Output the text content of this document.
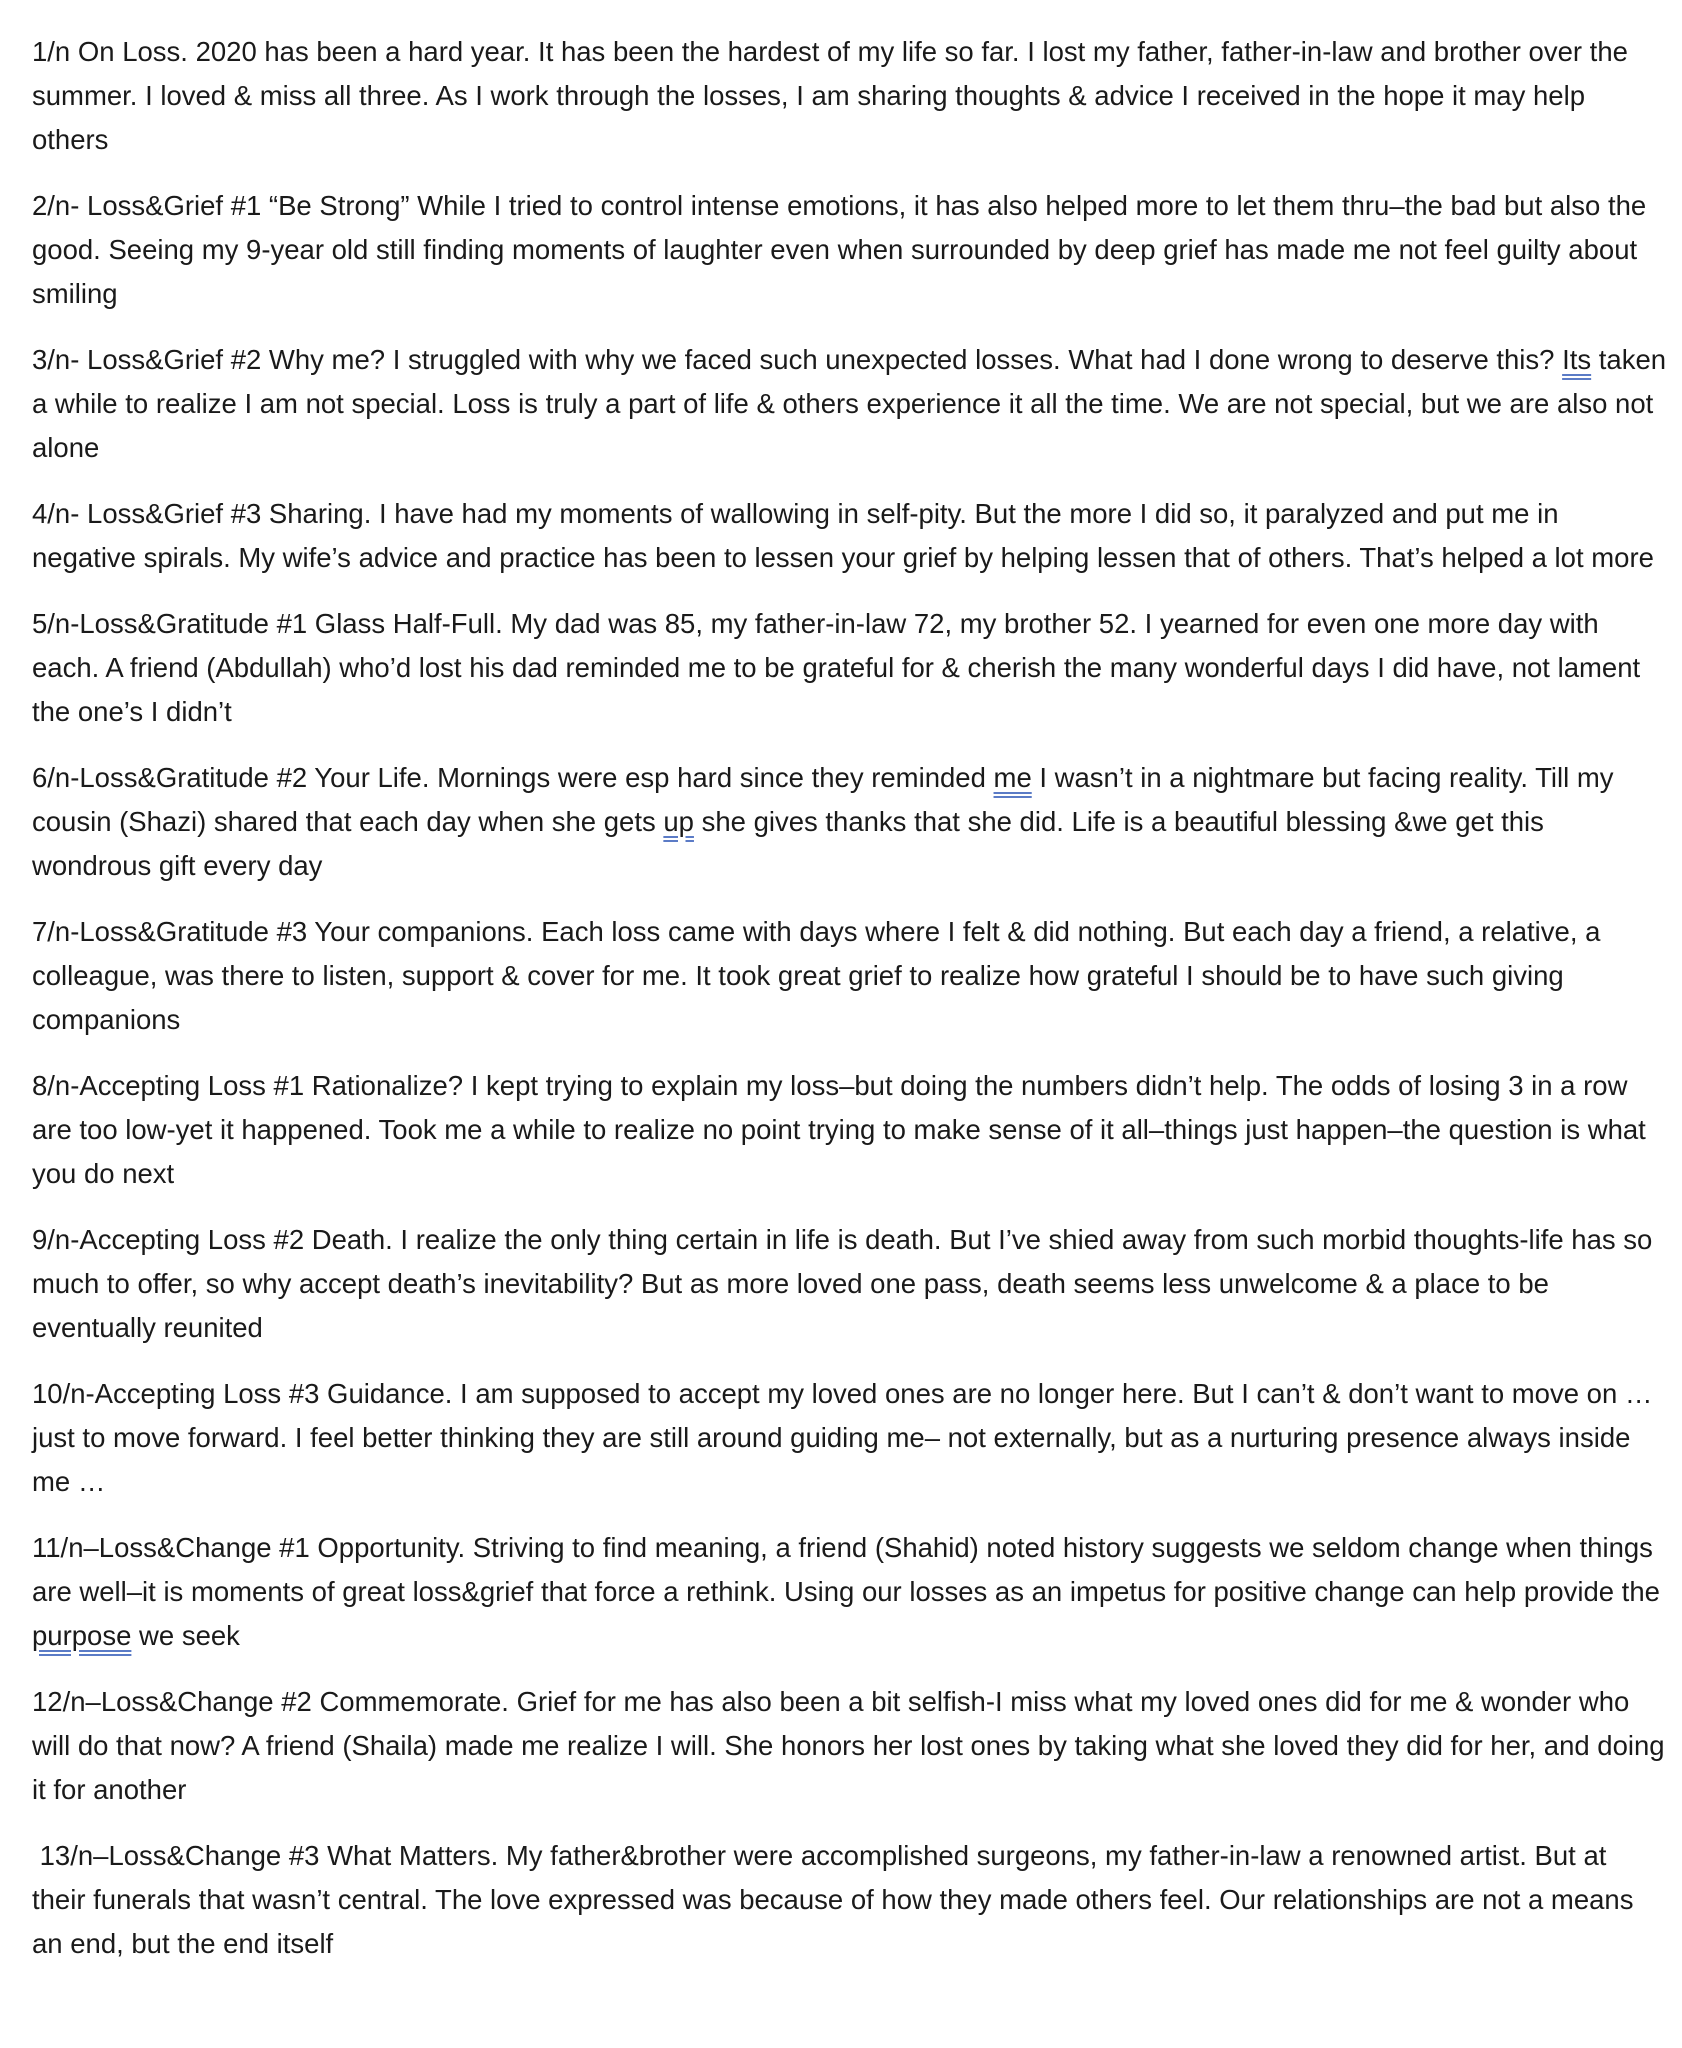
1/n On Loss. 2020 has been a hard year. It has been the hardest of my life so far. I lost my father, father-in-law and brother over the summer. I loved & miss all three. As I work through the losses, I am sharing thoughts & advice I received in the hope it may help others

2/n- Loss&Grief #1 “Be Strong” While I tried to control intense emotions, it has also helped more to let them thru–the bad but also the good. Seeing my 9-year old still finding moments of laughter even when surrounded by deep grief has made me not feel guilty about smiling

3/n- Loss&Grief #2 Why me? I struggled with why we faced such unexpected losses. What had I done wrong to deserve this? Its taken a while to realize I am not special. Loss is truly a part of life & others experience it all the time. We are not special, but we are also not alone

4/n- Loss&Grief #3 Sharing. I have had my moments of wallowing in self-pity. But the more I did so, it paralyzed and put me in negative spirals. My wife’s advice and practice has been to lessen your grief by helping lessen that of others. That’s helped a lot more

5/n-Loss&Gratitude #1 Glass Half-Full. My dad was 85, my father-in-law 72, my brother 52. I yearned for even one more day with each. A friend (Abdullah) who’d lost his dad reminded me to be grateful for & cherish the many wonderful days I did have, not lament the one’s I didn’t

6/n-Loss&Gratitude #2 Your Life. Mornings were esp hard since they reminded me I wasn’t in a nightmare but facing reality. Till my cousin (Shazi) shared that each day when she gets up she gives thanks that she did. Life is a beautiful blessing &we get this wondrous gift every day

7/n-Loss&Gratitude #3 Your companions. Each loss came with days where I felt & did nothing. But each day a friend, a relative, a colleague, was there to listen, support & cover for me. It took great grief to realize how grateful I should be to have such giving companions

8/n-Accepting Loss #1 Rationalize? I kept trying to explain my loss–but doing the numbers didn’t help. The odds of losing 3 in a row are too low-yet it happened. Took me a while to realize no point trying to make sense of it all–things just happen–the question is what you do next

9/n-Accepting Loss #2 Death. I realize the only thing certain in life is death. But I’ve shied away from such morbid thoughts-life has so much to offer, so why accept death’s inevitability? But as more loved one pass, death seems less unwelcome & a place to be eventually reunited

10/n-Accepting Loss #3 Guidance. I am supposed to accept my loved ones are no longer here. But I can’t & don’t want to move on … just to move forward. I feel better thinking they are still around guiding me– not externally, but as a nurturing presence always inside me …

11/n–Loss&Change #1 Opportunity. Striving to find meaning, a friend (Shahid) noted history suggests we seldom change when things are well–it is moments of great loss&grief that force a rethink. Using our losses as an impetus for positive change can help provide the purpose we seek

12/n–Loss&Change #2 Commemorate. Grief for me has also been a bit selfish-I miss what my loved ones did for me & wonder who will do that now? A friend (Shaila) made me realize I will. She honors her lost ones by taking what she loved they did for her, and doing it for another

13/n–Loss&Change #3 What Matters. My father&brother were accomplished surgeons, my father-in-law a renowned artist. But at their funerals that wasn’t central. The love expressed was because of how they made others feel. Our relationships are not a means an end, but the end itself
